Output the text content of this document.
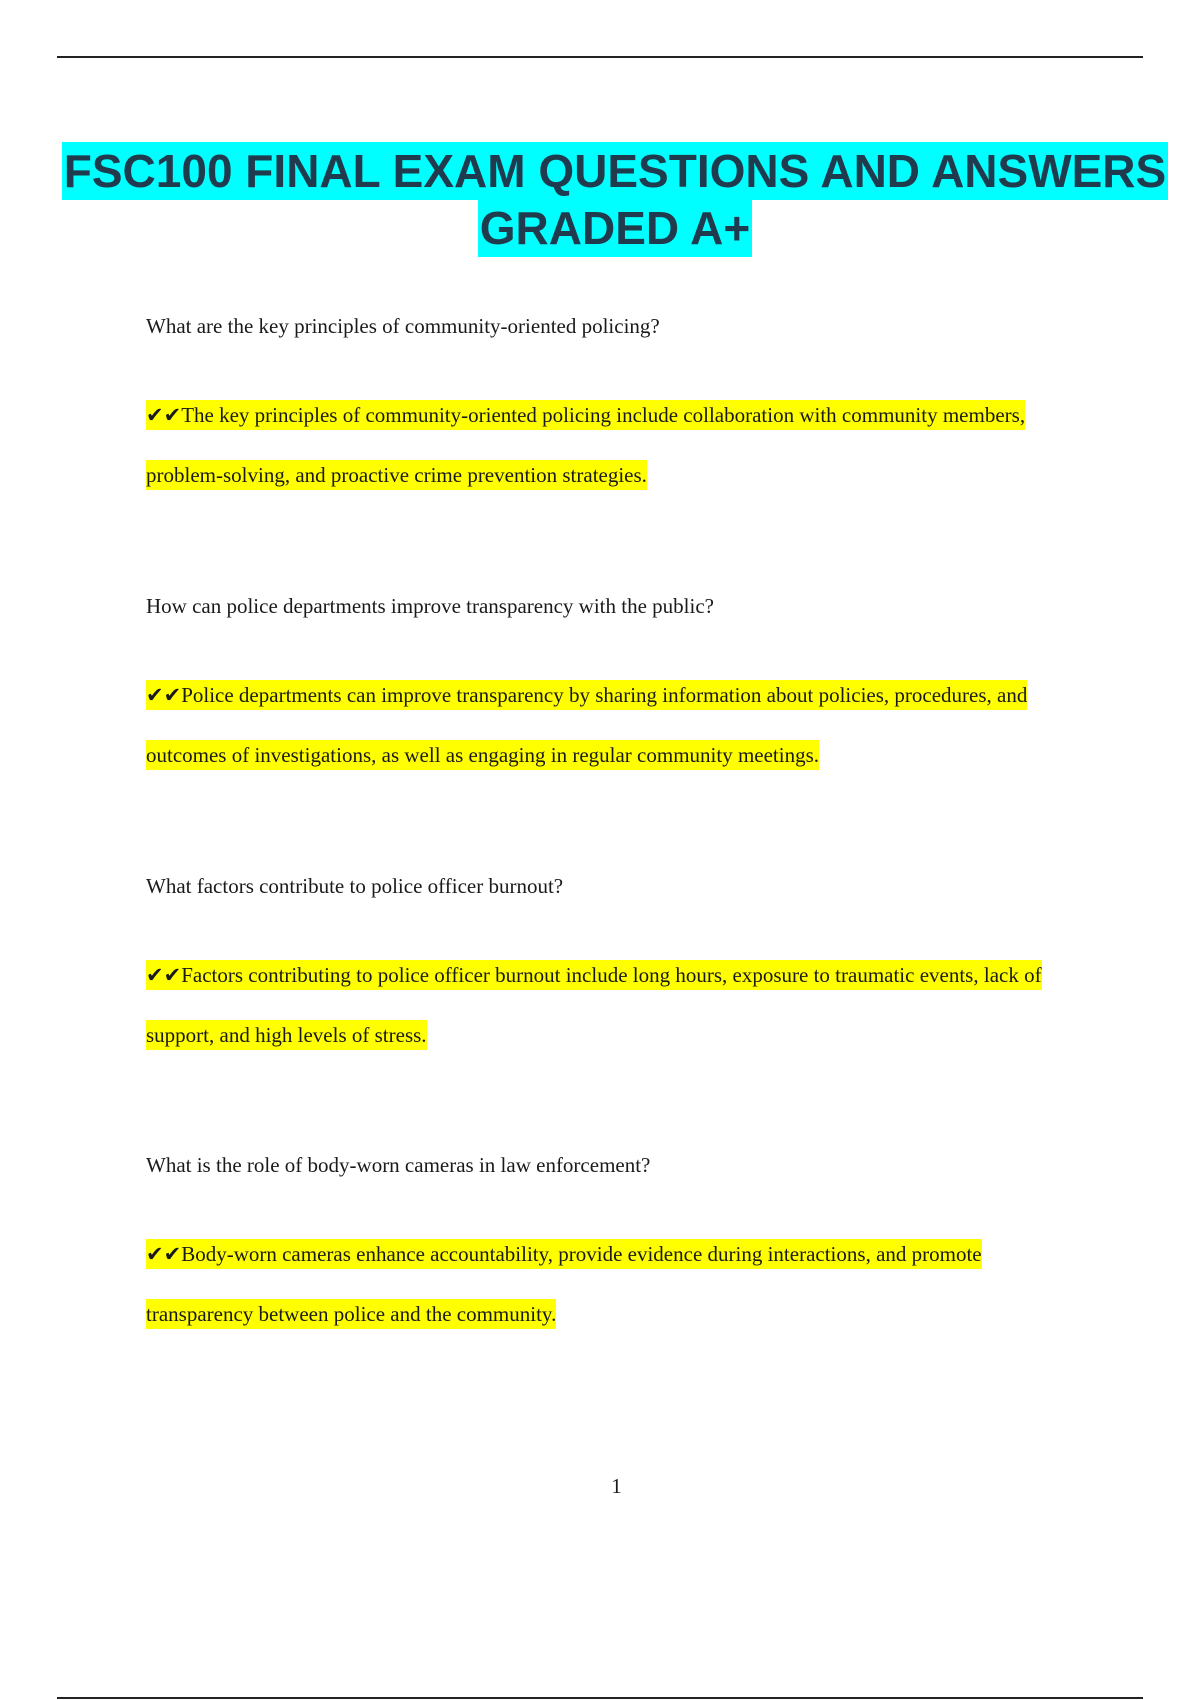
FSC100 FINAL EXAM QUESTIONS AND ANSWERS GRADED A+

What are the key principles of community-oriented policing?

✔✔The key principles of community-oriented policing include collaboration with community members, problem-solving, and proactive crime prevention strategies.

How can police departments improve transparency with the public?

✔✔Police departments can improve transparency by sharing information about policies, procedures, and outcomes of investigations, as well as engaging in regular community meetings.

What factors contribute to police officer burnout?

✔✔Factors contributing to police officer burnout include long hours, exposure to traumatic events, lack of support, and high levels of stress.

What is the role of body-worn cameras in law enforcement?

✔✔Body-worn cameras enhance accountability, provide evidence during interactions, and promote transparency between police and the community.

1
